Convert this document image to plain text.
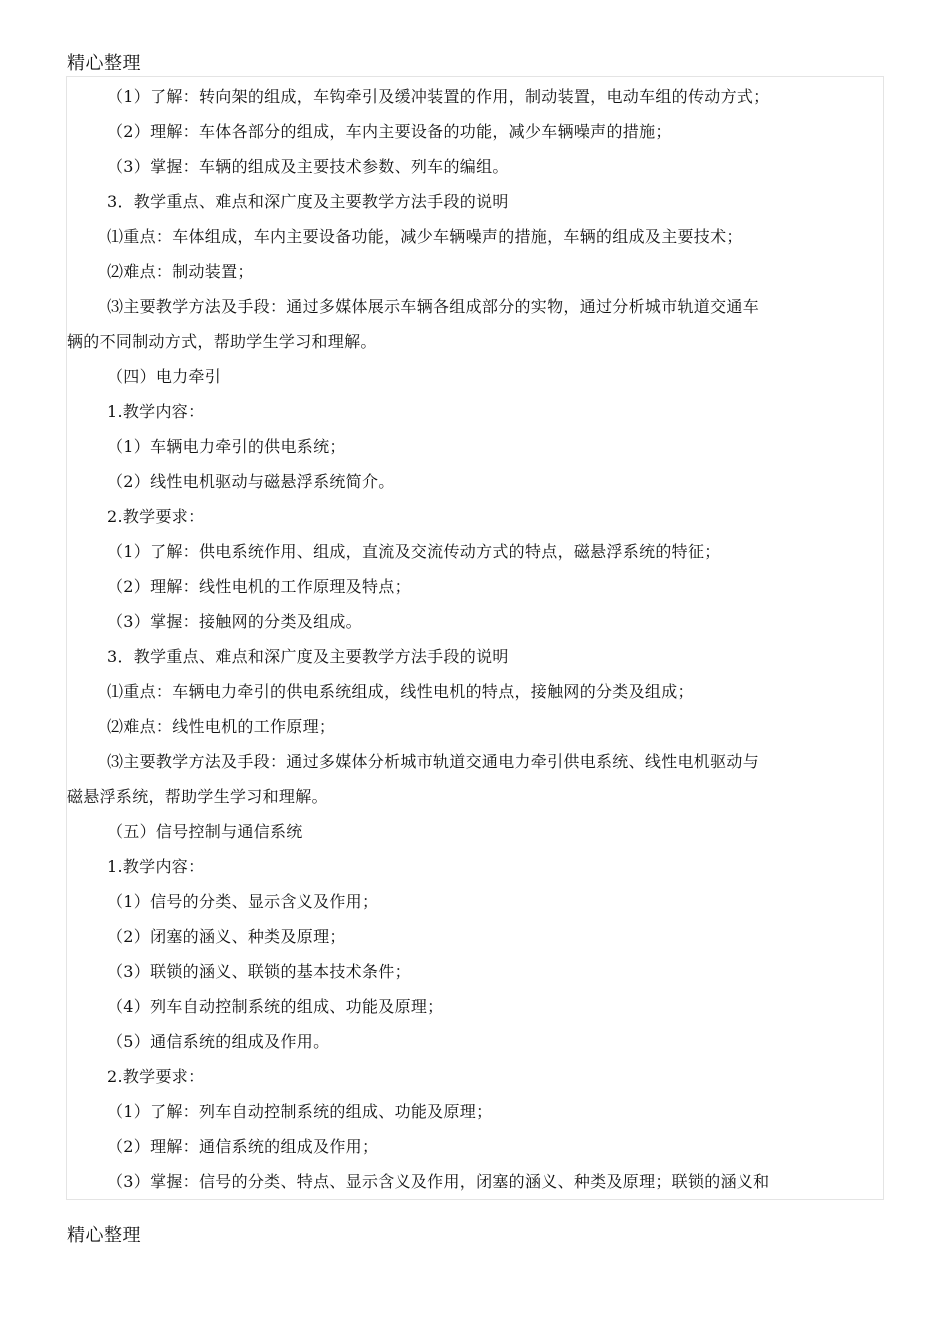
精心整理
（1）了解：转向架的组成，车钩牵引及缓冲装置的作用，制动装置，电动车组的传动方式；
（2）理解：车体各部分的组成，车内主要设备的功能，减少车辆噪声的措施；
（3）掌握：车辆的组成及主要技术参数、列车的编组。
3．教学重点、难点和深广度及主要教学方法手段的说明
⑴重点：车体组成，车内主要设备功能，减少车辆噪声的措施，车辆的组成及主要技术；
⑵难点：制动装置；
⑶主要教学方法及手段：通过多媒体展示车辆各组成部分的实物，通过分析城市轨道交通车
辆的不同制动方式，帮助学生学习和理解。
（四）电力牵引
1.教学内容：
（1）车辆电力牵引的供电系统；
（2）线性电机驱动与磁悬浮系统简介。
2.教学要求：
（1）了解：供电系统作用、组成，直流及交流传动方式的特点，磁悬浮系统的特征；
（2）理解：线性电机的工作原理及特点；
（3）掌握：接触网的分类及组成。
3．教学重点、难点和深广度及主要教学方法手段的说明
⑴重点：车辆电力牵引的供电系统组成，线性电机的特点，接触网的分类及组成；
⑵难点：线性电机的工作原理；
⑶主要教学方法及手段：通过多媒体分析城市轨道交通电力牵引供电系统、线性电机驱动与
磁悬浮系统，帮助学生学习和理解。
（五）信号控制与通信系统
1.教学内容：
（1）信号的分类、显示含义及作用；
（2）闭塞的涵义、种类及原理；
（3）联锁的涵义、联锁的基本技术条件；
（4）列车自动控制系统的组成、功能及原理；
（5）通信系统的组成及作用。
2.教学要求：
（1）了解：列车自动控制系统的组成、功能及原理；
（2）理解：通信系统的组成及作用；
（3）掌握：信号的分类、特点、显示含义及作用，闭塞的涵义、种类及原理；联锁的涵义和
精心整理
